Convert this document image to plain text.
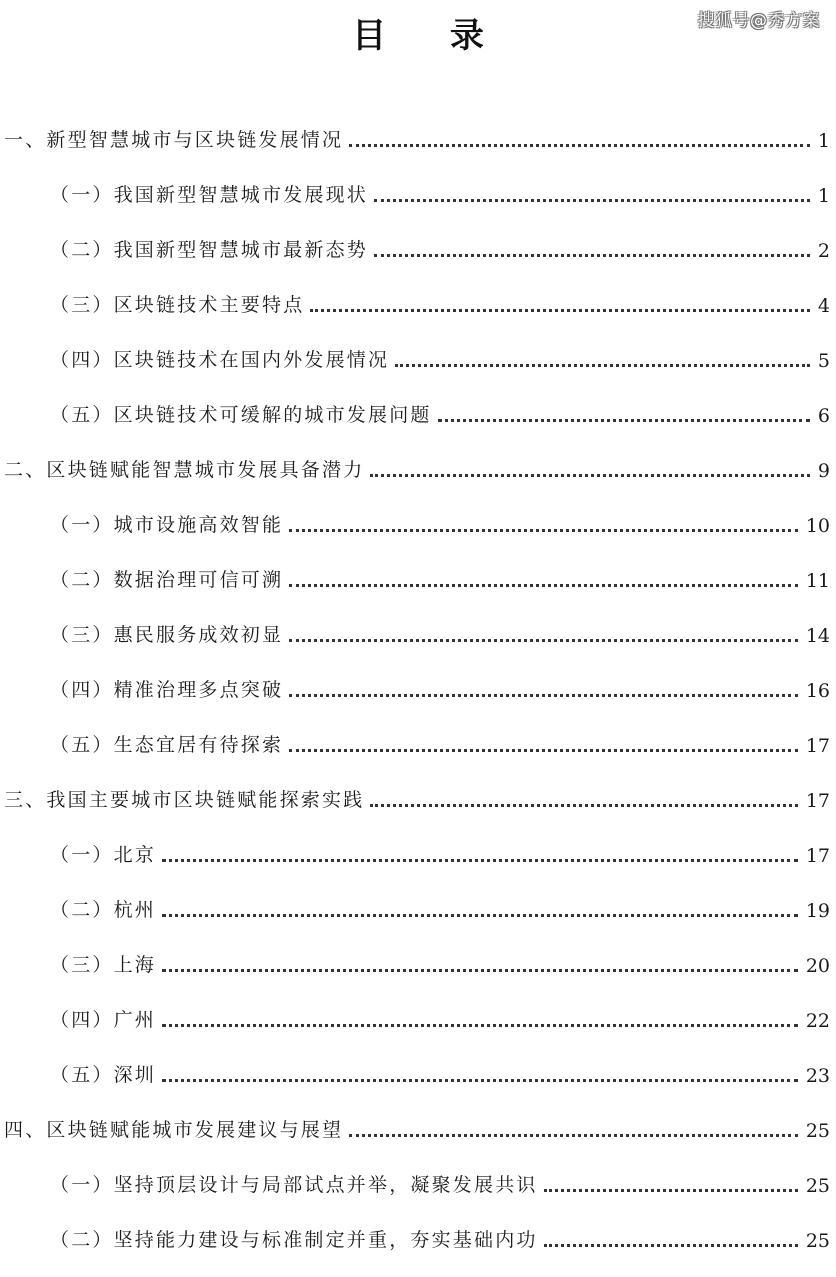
目 录	搜狐号@秀方案
一、新型智慧城市与区块链发展情况	1
（一）我国新型智慧城市发展现状	1
（二）我国新型智慧城市最新态势	2
（三）区块链技术主要特点	4
（四）区块链技术在国内外发展情况	5
（五）区块链技术可缓解的城市发展问题	6
二、区块链赋能智慧城市发展具备潜力	9
（一）城市设施高效智能	10
（二）数据治理可信可溯	11
（三）惠民服务成效初显	14
（四）精准治理多点突破	16
（五）生态宜居有待探索	17
三、我国主要城市区块链赋能探索实践	17
（一）北京	17
（二）杭州	19
（三）上海	20
（四）广州	22
（五）深圳	23
四、区块链赋能城市发展建议与展望	25
（一）坚持顶层设计与局部试点并举，凝聚发展共识	25
（二）坚持能力建设与标准制定并重，夯实基础内功	25
